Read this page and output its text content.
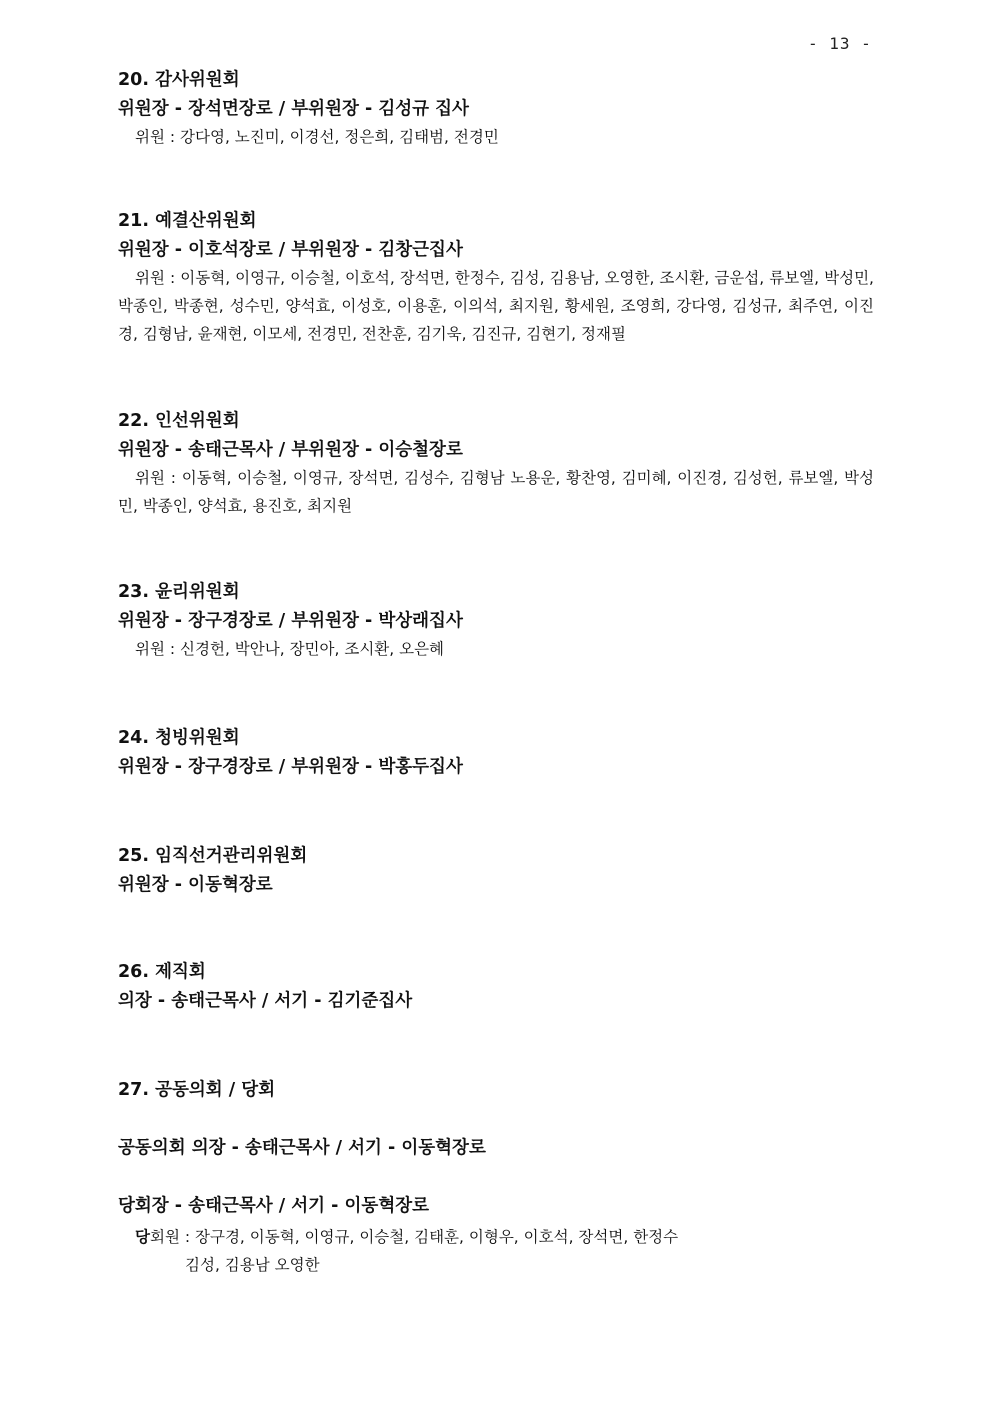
- 13 -
20. 감사위원회
위원장 - 장석면장로 / 부위원장 - 김성규 집사
위원 : 강다영, 노진미, 이경선, 정은희, 김태범, 전경민
21. 예결산위원회
위원장 - 이호석장로 / 부위원장 - 김창근집사
위원 : 이동혁, 이영규, 이승철, 이호석, 장석면, 한정수, 김성, 김용남, 오영한, 조시환, 금운섭, 류보엘, 박성민, 박종인, 박종현, 성수민, 양석효, 이성호, 이용훈, 이의석, 최지원, 황세원, 조영희, 강다영, 김성규, 최주연, 이진경, 김형남, 윤재현, 이모세, 전경민, 전찬훈, 김기욱, 김진규, 김현기, 정재필
22. 인선위원회
위원장 - 송태근목사 / 부위원장 - 이승철장로
위원 : 이동혁, 이승철, 이영규, 장석면, 김성수, 김형남 노용운, 황찬영, 김미혜, 이진경, 김성헌, 류보엘, 박성민, 박종인, 양석효, 용진호, 최지원
23. 윤리위원회
위원장 - 장구경장로 / 부위원장 - 박상래집사
위원 : 신경헌, 박안나, 장민아, 조시환, 오은혜
24. 청빙위원회
위원장 - 장구경장로 / 부위원장 - 박홍두집사
25. 임직선거관리위원회
위원장 - 이동혁장로
26. 제직회
의장 - 송태근목사 / 서기 - 김기준집사
27. 공동의회 / 당회
공동의회 의장 - 송태근목사 / 서기 - 이동혁장로
당회장 - 송태근목사 / 서기 - 이동혁장로
당회원 : 장구경, 이동혁, 이영규, 이승철, 김태훈, 이형우, 이호석, 장석면, 한정수
김성, 김용남 오영한
